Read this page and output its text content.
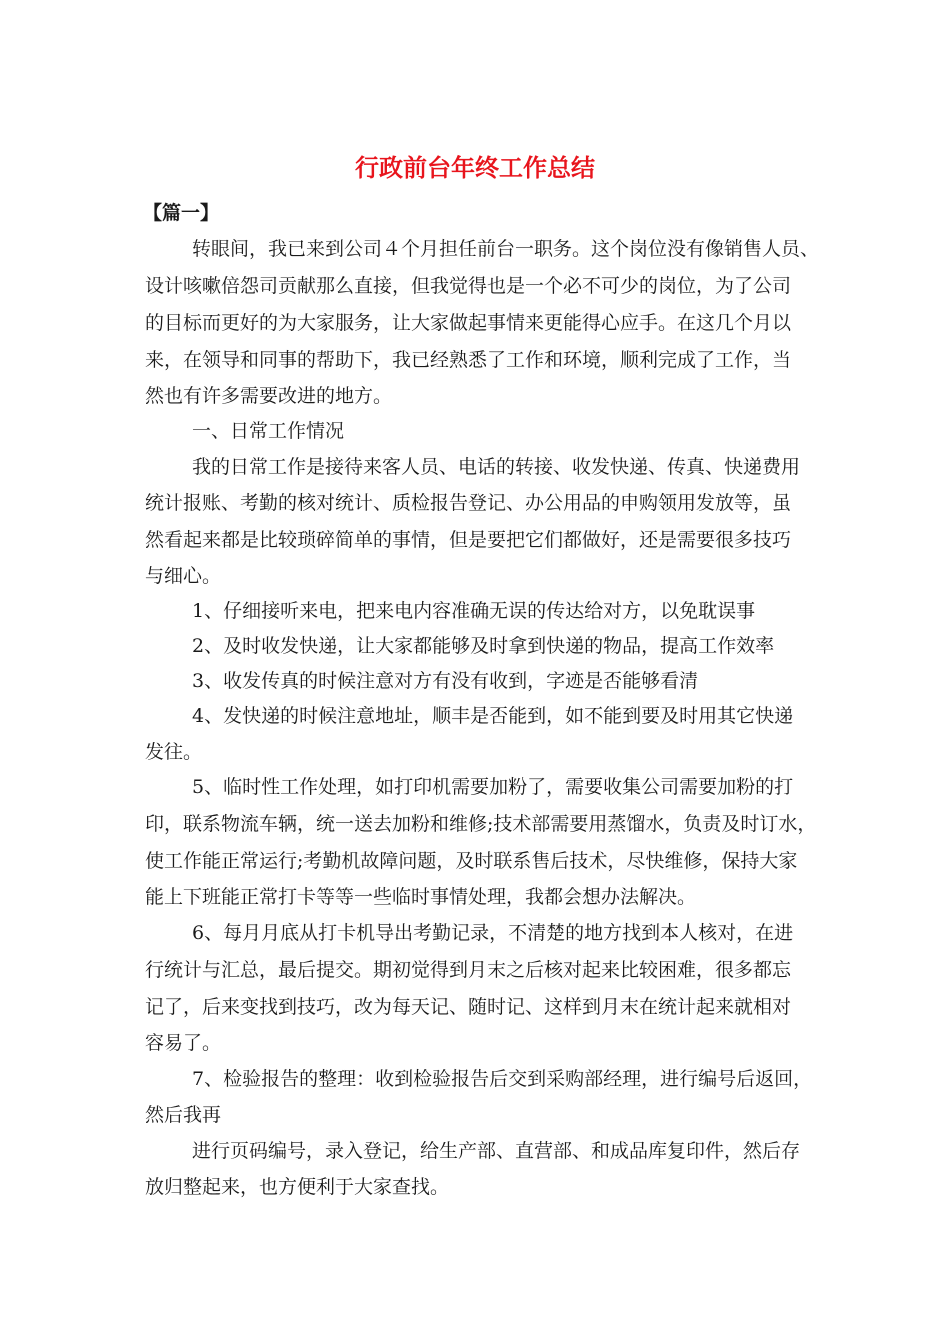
行政前台年终工作总结

【篇一】

转眼间，我已来到公司４个月担任前台一职务。这个岗位没有像销售人员、

设计咳嗽倍怨司贡献那么直接，但我觉得也是一个必不可少的岗位，为了公司

的目标而更好的为大家服务，让大家做起事情来更能得心应手。在这几个月以

来，在领导和同事的帮助下，我已经熟悉了工作和环境，顺利完成了工作，当

然也有许多需要改进的地方。

一、日常工作情况

我的日常工作是接待来客人员、电话的转接、收发快递、传真、快递费用

统计报账、考勤的核对统计、质检报告登记、办公用品的申购领用发放等，虽

然看起来都是比较琐碎简单的事情，但是要把它们都做好，还是需要很多技巧

与细心。

1、仔细接听来电，把来电内容准确无误的传达给对方，以免耽误事

2、及时收发快递，让大家都能够及时拿到快递的物品，提高工作效率

3、收发传真的时候注意对方有没有收到，字迹是否能够看清

4、发快递的时候注意地址，顺丰是否能到，如不能到要及时用其它快递

发往。

5、临时性工作处理，如打印机需要加粉了，需要收集公司需要加粉的打

印，联系物流车辆，统一送去加粉和维修;技术部需要用蒸馏水，负责及时订水，

使工作能正常运行;考勤机故障问题，及时联系售后技术，尽快维修，保持大家

能上下班能正常打卡等等一些临时事情处理，我都会想办法解决。

6、每月月底从打卡机导出考勤记录，不清楚的地方找到本人核对，在进

行统计与汇总，最后提交。期初觉得到月末之后核对起来比较困难，很多都忘

记了，后来变找到技巧，改为每天记、随时记、这样到月末在统计起来就相对

容易了。

7、检验报告的整理：收到检验报告后交到采购部经理，进行编号后返回，

然后我再

进行页码编号，录入登记，给生产部、直营部、和成品库复印件，然后存

放归整起来，也方便利于大家查找。
